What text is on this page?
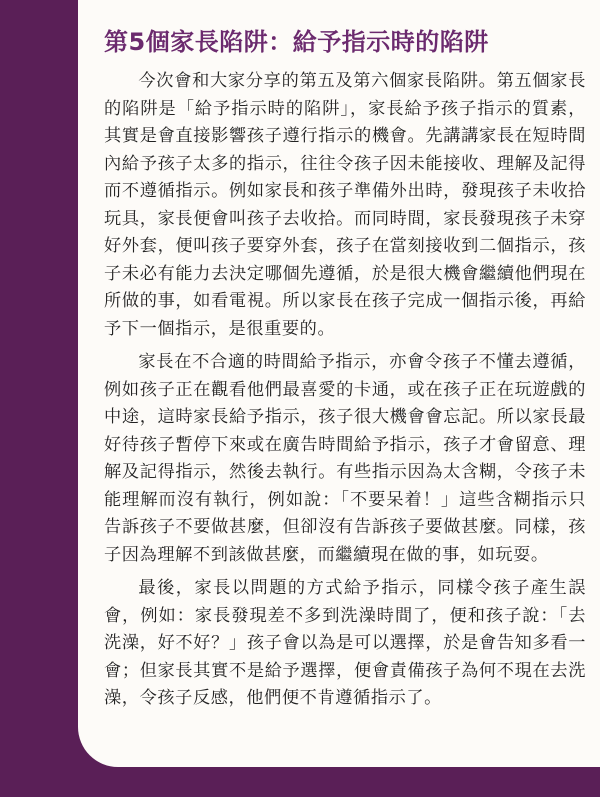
第5個家長陷阱：給予指示時的陷阱

今次會和大家分享的第五及第六個家長陷阱。第五個家長的陷阱是「給予指示時的陷阱」，家長給予孩子指示的質素，其實是會直接影響孩子遵行指示的機會。先講講家長在短時間內給予孩子太多的指示，往往令孩子因未能接收、理解及記得而不遵循指示。例如家長和孩子準備外出時，發現孩子未收拾玩具，家長便會叫孩子去收拾。而同時間，家長發現孩子未穿好外套，便叫孩子要穿外套，孩子在當刻接收到二個指示，孩子未必有能力去決定哪個先遵循，於是很大機會繼續他們現在所做的事，如看電視。所以家長在孩子完成一個指示後，再給予下一個指示，是很重要的。

家長在不合適的時間給予指示，亦會令孩子不懂去遵循，例如孩子正在觀看他們最喜愛的卡通，或在孩子正在玩遊戲的中途，這時家長給予指示，孩子很大機會會忘記。所以家長最好待孩子暫停下來或在廣告時間給予指示，孩子才會留意、理解及記得指示，然後去執行。有些指示因為太含糊，令孩子未能理解而沒有執行，例如說：「不要呆着！」這些含糊指示只告訴孩子不要做甚麼，但卻沒有告訴孩子要做甚麼。同樣，孩子因為理解不到該做甚麼，而繼續現在做的事，如玩耍。

最後，家長以問題的方式給予指示，同樣令孩子產生誤會，例如：家長發現差不多到洗澡時間了，便和孩子說：「去洗澡，好不好？」孩子會以為是可以選擇，於是會告知多看一會；但家長其實不是給予選擇，便會責備孩子為何不現在去洗澡，令孩子反感，他們便不肯遵循指示了。
